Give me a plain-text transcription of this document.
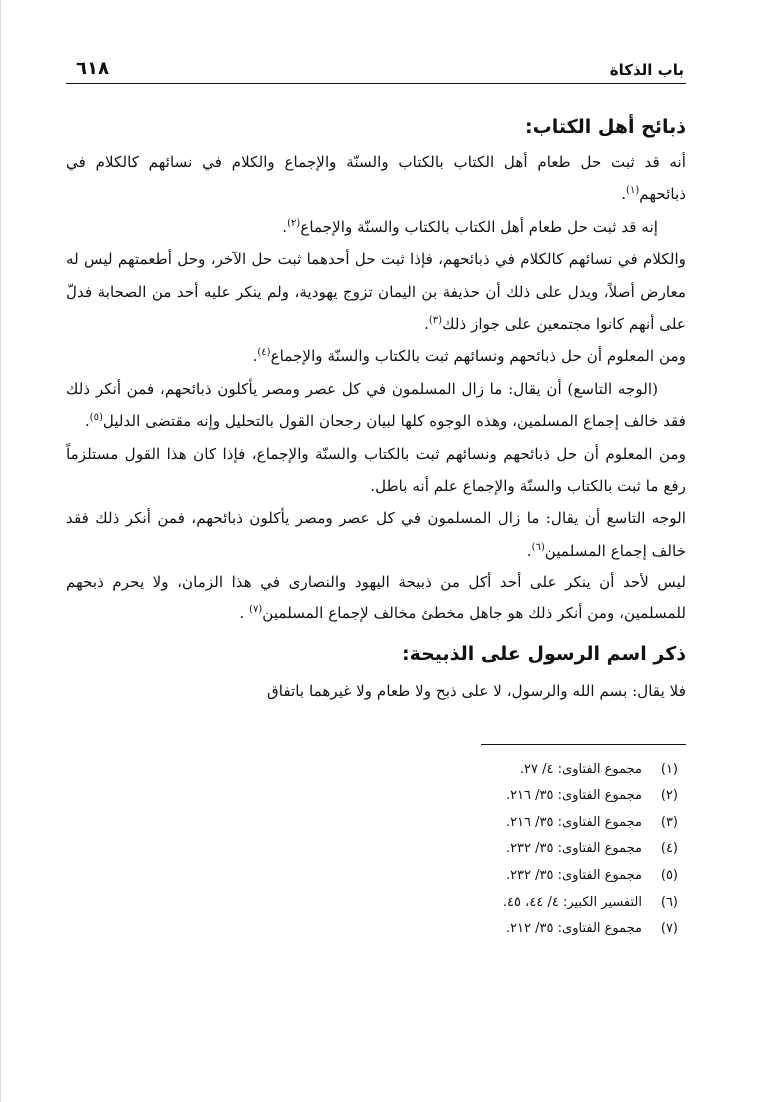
باب الذكاة
٦١٨
ذبائح أهل الكتاب:

أنه قد ثبت حل طعام أهل الكتاب بالكتاب والسنّة والإجماع والكلام في نسائهم كالكلام في ذبائحهم$^{(١)}$.

إنه قد ثبت حل طعام أهل الكتاب بالكتاب والسنّة والإجماع$^{(٢)}$.

والكلام في نسائهم كالكلام في ذبائحهم، فإذا ثبت حل أحدهما ثبت حل الآخر، وحل أطعمتهم ليس له معارض أصلاً، ويدل على ذلك أن حذيفة بن اليمان تزوج يهودية، ولم ينكر عليه أحد من الصحابة فدلّ على أنهم كانوا مجتمعين على جواز ذلك$^{(٣)}$.

ومن المعلوم أن حل ذبائحهم ونسائهم ثبت بالكتاب والسنّة والإجماع$^{(٤)}$.

(الوجه التاسع) أن يقال: ما زال المسلمون في كل عصر ومصر يأكلون ذبائحهم، فمن أنكر ذلك فقد خالف إجماع المسلمين، وهذه الوجوه كلها لبيان رجحان القول بالتحليل وإنه مقتضى الدليل$^{(٥)}$.

ومن المعلوم أن حل ذبائحهم ونسائهم ثبت بالكتاب والسنّة والإجماع، فإذا كان هذا القول مستلزماً رفع ما ثبت بالكتاب والسنّة والإجماع علم أنه باطل.

الوجه التاسع أن يقال: ما زال المسلمون في كل عصر ومصر يأكلون ذبائحهم، فمن أنكر ذلك فقد خالف إجماع المسلمين$^{(٦)}$.

ليس لأحد أن ينكر على أحد أكل من ذبيحة اليهود والنصارى في هذا الزمان، ولا يحرم ذبحهم للمسلمين، ومن أنكر ذلك هو جاهل مخطئ مخالف لإجماع المسلمين$^{(٧)}$ .

ذكر اسم الرسول على الذبيحة:

فلا يقال: بسم الله والرسول، لا على ذبح ولا طعام ولا غيرهما باتفاق

(١)
مجموع الفتاوى: ٤/ ٢٧.
(٢)
مجموع الفتاوى: ٣٥/ ٢١٦.
(٣)
مجموع الفتاوى: ٣٥/ ٢١٦.
(٤)
مجموع الفتاوى: ٣٥/ ٢٣٢.
(٥)
مجموع الفتاوى: ٣٥/ ٢٣٢.
(٦)
التفسير الكبير: ٤/ ٤٤، ٤٥.
(٧)
مجموع الفتاوى: ٣٥/ ٢١٢.
